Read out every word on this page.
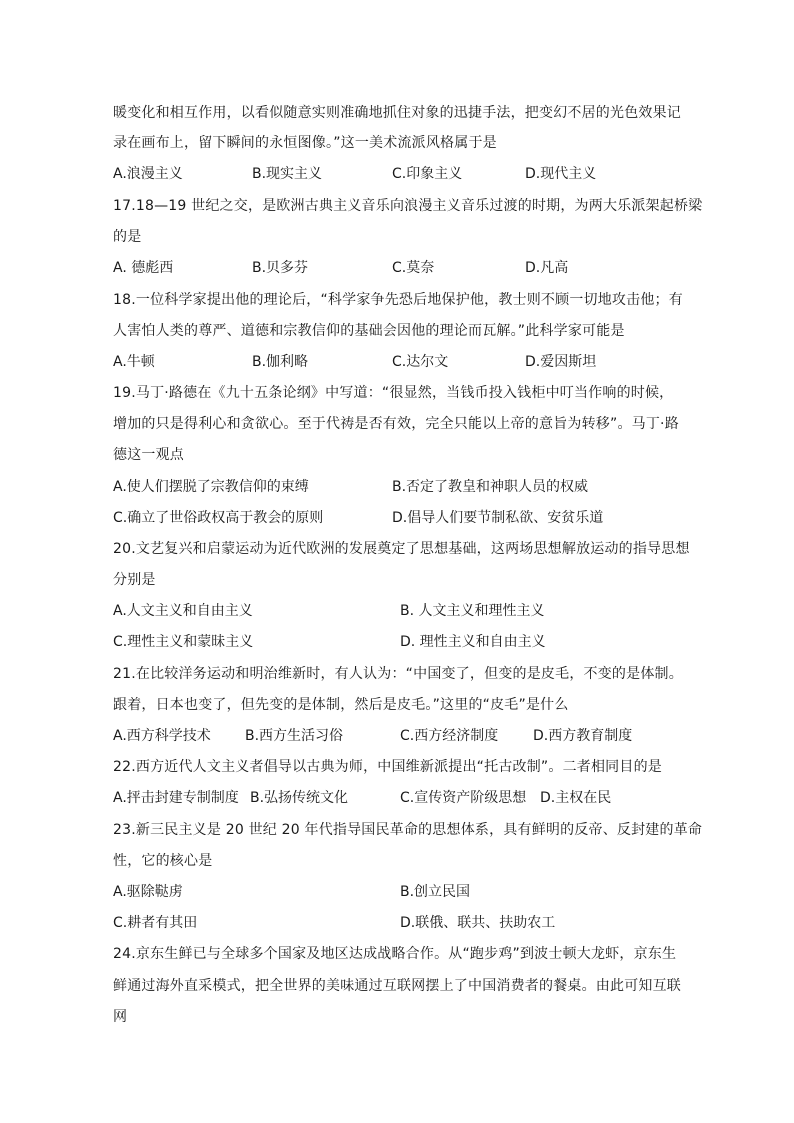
暖变化和相互作用，以看似随意实则准确地抓住对象的迅捷手法，把变幻不居的光色效果记
录在画布上，留下瞬间的永恒图像。”这一美术流派风格属于是
A.浪漫主义	B.现实主义	C.印象主义	D.现代主义
17.18—19 世纪之交，是欧洲古典主义音乐向浪漫主义音乐过渡的时期，为两大乐派架起桥梁
的是
A. 德彪西	B.贝多芬	C.莫奈	D.凡高
18.一位科学家提出他的理论后，“科学家争先恐后地保护他，教士则不顾一切地攻击他；有
人害怕人类的尊严、道德和宗教信仰的基础会因他的理论而瓦解。”此科学家可能是
A.牛顿	B.伽利略	C.达尔文	D.爱因斯坦
19.马丁·路德在《九十五条论纲》中写道：“很显然，当钱币投入钱柜中叮当作响的时候，
增加的只是得利心和贪欲心。至于代祷是否有效，完全只能以上帝的意旨为转移”。马丁·路
德这一观点
A.使人们摆脱了宗教信仰的束缚	B.否定了教皇和神职人员的权威
C.确立了世俗政权高于教会的原则	D.倡导人们要节制私欲、安贫乐道
20.文艺复兴和启蒙运动为近代欧洲的发展奠定了思想基础，这两场思想解放运动的指导思想
分别是
A.人文主义和自由主义	B. 人文主义和理性主义
C.理性主义和蒙昧主义	D. 理性主义和自由主义
21.在比较洋务运动和明治维新时，有人认为：“中国变了，但变的是皮毛，不变的是体制。
跟着，日本也变了，但先变的是体制，然后是皮毛。”这里的“皮毛”是什么
A.西方科学技术 B.西方生活习俗	C.西方经济制度 D.西方教育制度
22.西方近代人文主义者倡导以古典为师，中国维新派提出“托古改制”。二者相同目的是
A.抨击封建专制制度 B.弘扬传统文化	C.宣传资产阶级思想 D.主权在民
23.新三民主义是 20 世纪 20 年代指导国民革命的思想体系，具有鲜明的反帝、反封建的革命
性，它的核心是
A.驱除鞑虏	B.创立民国
C.耕者有其田	D.联俄、联共、扶助农工
24.京东生鲜已与全球多个国家及地区达成战略合作。从“跑步鸡”到波士顿大龙虾，京东生
鲜通过海外直采模式，把全世界的美味通过互联网摆上了中国消费者的餐桌。由此可知互联
网
